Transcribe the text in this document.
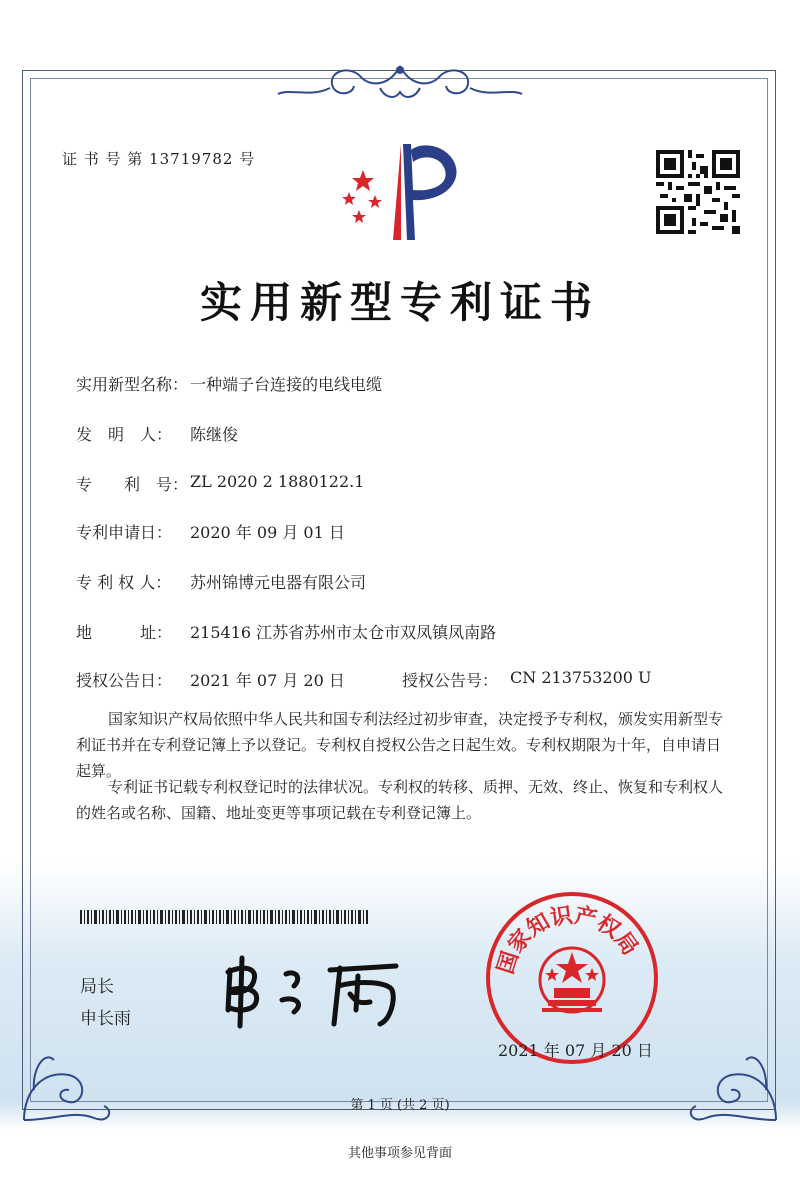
证 书 号 第 13719782 号
实用新型专利证书
实用新型名称： 一种端子台连接的电线电缆
发　明　人： 陈继俊
专　　利　号： ZL 2020 2 1880122.1
专利申请日： 2020 年 09 月 01 日
专 利 权 人： 苏州锦博元电器有限公司
地　　　址： 215416 江苏省苏州市太仓市双凤镇凤南路
授权公告日： 2021 年 07 月 20 日	授权公告号： CN 213753200 U
国家知识产权局依照中华人民共和国专利法经过初步审查，决定授予专利权，颁发实用新型专利证书并在专利登记簿上予以登记。专利权自授权公告之日起生效。专利权期限为十年，自申请日起算。
专利证书记载专利权登记时的法律状况。专利权的转移、质押、无效、终止、恢复和专利权人的姓名或名称、国籍、地址变更等事项记载在专利登记簿上。
局长
申长雨
国家知识产权局
2021 年 07 月 20 日
第 1 页 (共 2 页)
其他事项参见背面
